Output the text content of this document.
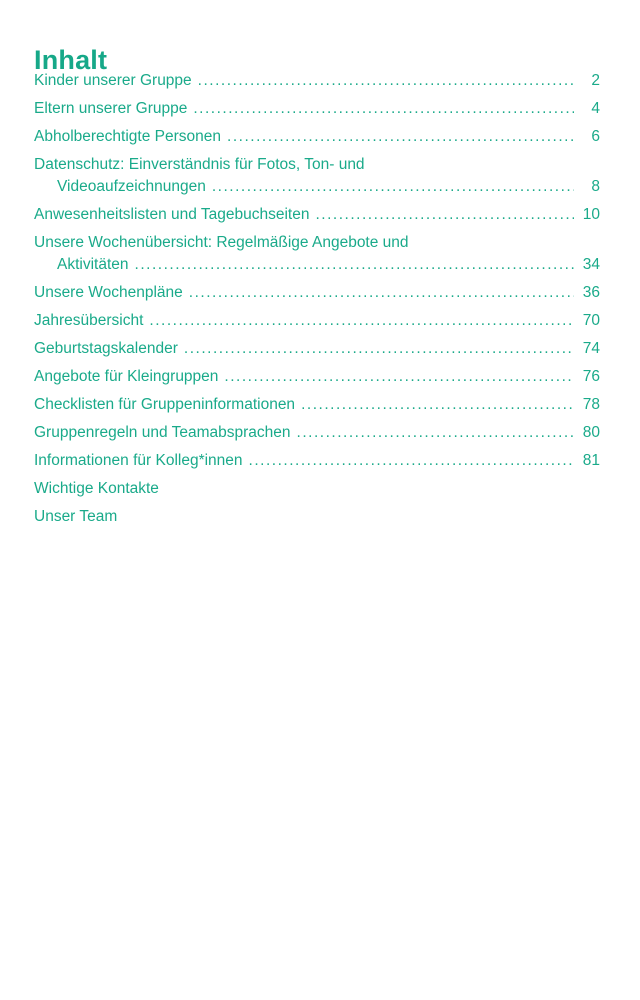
Inhalt
Kinder unserer Gruppe . . .	2
Eltern unserer Gruppe . . .	4
Abholberechtigte Personen . . .	6
Datenschutz: Einverständnis für Fotos, Ton- und
Videoaufzeichnungen . . .	8
Anwesenheitslisten und Tagebuchseiten . . .	10
Unsere Wochenübersicht: Regelmäßige Angebote und
Aktivitäten . . .	34
Unsere Wochenpläne . . .	36
Jahresübersicht . . .	70
Geburtstagskalender . . .	74
Angebote für Kleingruppen . . .	76
Checklisten für Gruppeninformationen . . .	78
Gruppenregeln und Teamabsprachen . . .	80
Informationen für Kolleg*innen . . .	81
Wichtige Kontakte
Unser Team
